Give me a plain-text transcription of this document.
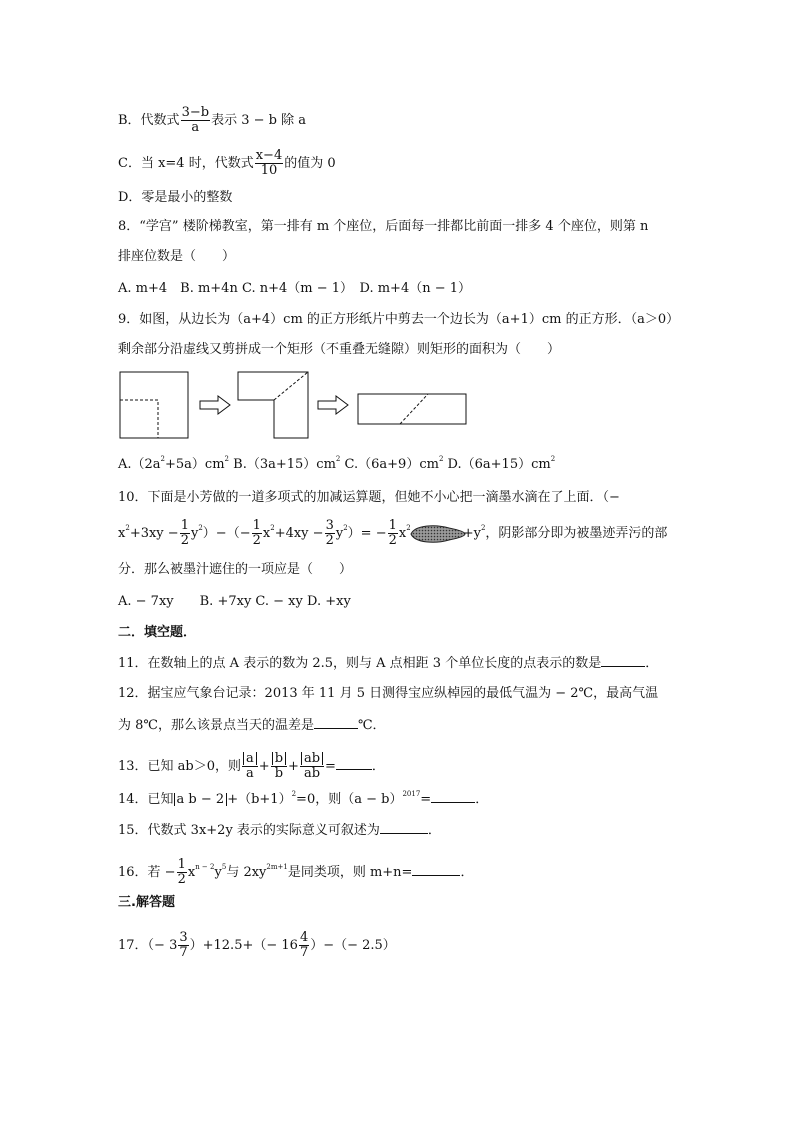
B．代数式 $\frac{3-b}{a}$ 表示 3 − b 除 a
C．当 x=4 时，代数式 $\frac{x-4}{10}$ 的值为 0
D．零是最小的整数
8．“学宫” 楼阶梯教室，第一排有 m 个座位，后面每一排都比前面一排多 4 个座位，则第 n
排座位数是（　　）
A. m+4　B. m+4n C. n+4（m − 1）　D. m+4（n − 1）
9．如图，从边长为（a+4）cm 的正方形纸片中剪去一个边长为（a+1）cm 的正方形．（a＞0）
剩余部分沿虚线又剪拼成一个矩形（不重叠无缝隙）则矩形的面积为（　　）
$A.(2a^2+5a)cm^2$ $B.(3a+15)cm^2$ $C.(6a+9)cm^2$ $D.(6a+15)cm^2$
10．下面是小芳做的一道多项式的加减运算题，但她不小心把一滴墨水滴在了上面．（−
$x^2+3xy - \frac{1}{2} y^2)-(- \frac{1}{2} x^2+4xy - \frac{3}{2} y^2)= - \frac{1}{2} x^2$	$+y^2$，阴影部分即为被墨迹弄污的部
分．那么被墨汁遮住的一项应是（　　）
A. − 7xy　　B. +7xy C. − xy D. +xy
二．填空题．
11．在数轴上的点 A 表示的数为 2.5，则与 A 点相距 3 个单位长度的点表示的数是	．
12．据宝应气象台记录：2013 年 11 月 5 日测得宝应纵棹园的最低气温为 − 2℃，最高气温
为 8℃，那么该景点当天的温差是	℃．
13．已知 ab＞0，则 $\frac{a}{a} + \frac{b}{b} + \frac{ab}{ab}$ =	．
14．已知 a $b - 2 +(b+1)^2=0$，则$(a - b)^{2017}=$	．
15．代数式 3x+2y 表示的实际意义可叙述为	．
16．若 − $\frac{1}{2} x^{n - 2}y^5$与 $2xy^{2m+1}$是同类项，则 m+n=	．
三.解答题
17．（− $3 \frac{3}{7} )+12.5+(- 16 \frac{4}{7}$ ）−（− 2.5）
